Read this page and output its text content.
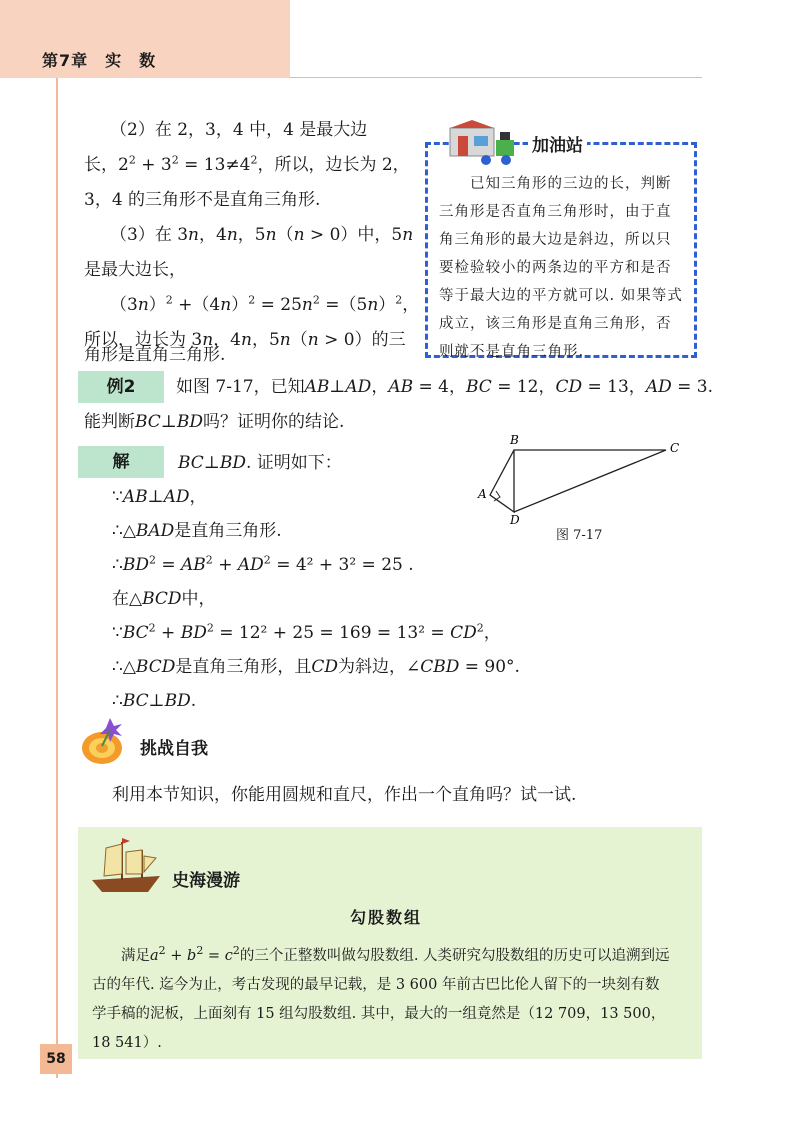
第7章　实　数
（2）在 2，3，4 中，4 是最大边
长，$2^2 + 3^2 = 13\ne 4^2$，所以，边长为 2，
3，4 的三角形不是直角三角形.
（3）在 3n，4n，5n（n > 0）中，5n
是最大边长，
$(3n)^2 +(4n)^2 = 25n^2 =(5n)^2$，
所以，边长为 3n，4n，5n（n > 0）的三
角形是直角三角形.
加油站
　　已知三角形的三边的长，判断
三角形是否直角三角形时，由于直
角三角形的最大边是斜边，所以只
要检验较小的两条边的平方和是否
等于最大边的平方就可以. 如果等式
成立，该三角形是直角三角形，否
则就不是直角三角形.
例2	如图 7-17，已知AB⊥AD，AB = 4，BC = 12，CD = 13，AD = 3.
能判断BC⊥BD吗？证明你的结论.
解	BC⊥BD. 证明如下：
∵AB⊥AD，
∴△BAD是直角三角形.
$\therefore BD^2 = AB^2 + AD^2 = 4^2 + 3^2 = 25$ .
在△BCD中，
$\because BC^2 + BD^2 = 12^2 + 25 = 169 = 13^2 = CD^2$，
∴△BCD是直角三角形，且CD为斜边，∠CBD = 90°.
∴BC⊥BD.
B
C
A
D
图 7-17
挑战自我
利用本节知识，你能用圆规和直尺，作出一个直角吗？试一试.
史海漫游
勾股数组
　　满足$a^2 + b^2 = c^2$的三个正整数叫做勾股数组. 人类研究勾股数组的历史可以追溯到远
古的年代. 迄今为止，考古发现的最早记载，是 3 600 年前古巴比伦人留下的一块刻有数
学手稿的泥板，上面刻有 15 组勾股数组. 其中，最大的一组竟然是（12 709，13 500，
18 541）.
58
